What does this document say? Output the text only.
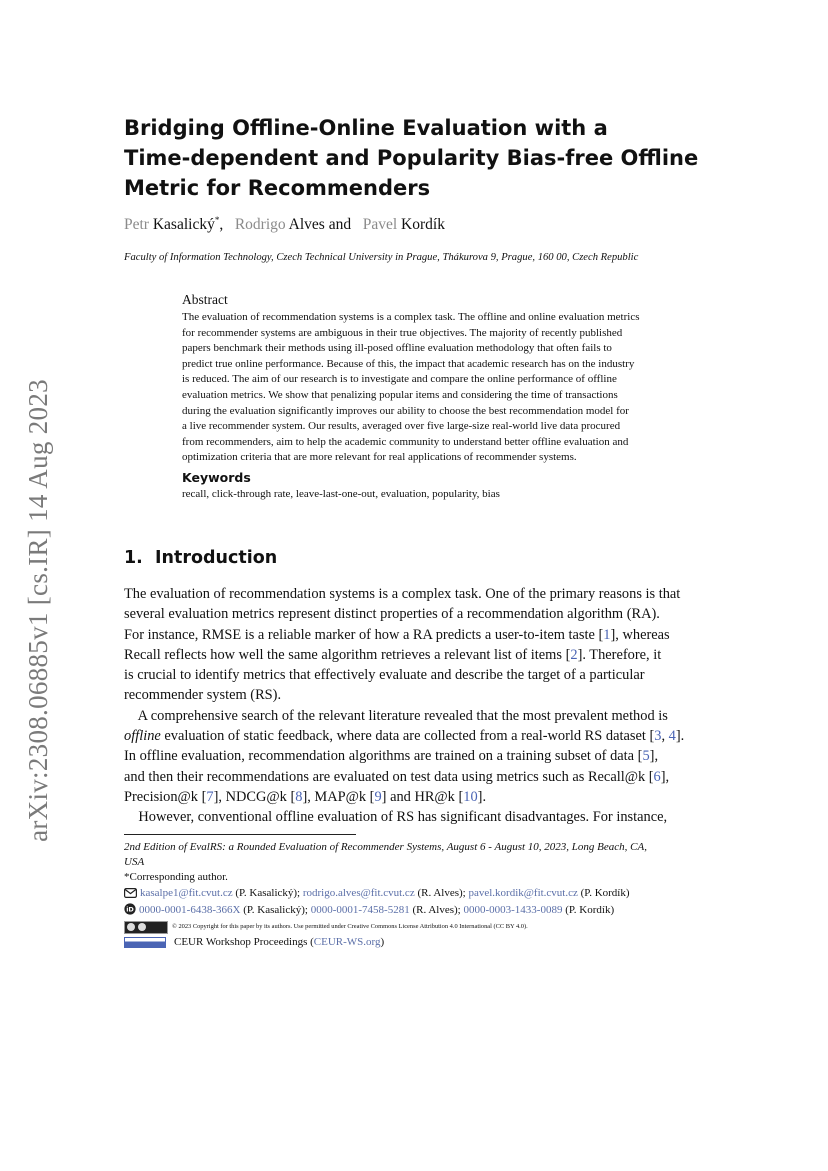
arXiv:2308.06885v1 [cs.IR] 14 Aug 2023
Bridging Offline-Online Evaluation with a
Time-dependent and Popularity Bias-free Offline
Metric for Recommenders
Petr Kasalický*,   Rodrigo Alves and   Pavel Kordík
Faculty of Information Technology, Czech Technical University in Prague, Thákurova 9, Prague, 160 00, Czech Republic
Abstract
The evaluation of recommendation systems is a complex task. The offline and online evaluation metrics
for recommender systems are ambiguous in their true objectives. The majority of recently published
papers benchmark their methods using ill-posed offline evaluation methodology that often fails to
predict true online performance. Because of this, the impact that academic research has on the industry
is reduced. The aim of our research is to investigate and compare the online performance of offline
evaluation metrics. We show that penalizing popular items and considering the time of transactions
during the evaluation significantly improves our ability to choose the best recommendation model for
a live recommender system. Our results, averaged over five large-size real-world live data procured
from recommenders, aim to help the academic community to understand better offline evaluation and
optimization criteria that are more relevant for real applications of recommender systems.
Keywords
recall, click-through rate, leave-last-one-out, evaluation, popularity, bias
1. Introduction
The evaluation of recommendation systems is a complex task. One of the primary reasons is that
several evaluation metrics represent distinct properties of a recommendation algorithm (RA).
For instance, RMSE is a reliable marker of how a RA predicts a user-to-item taste [1], whereas
Recall reflects how well the same algorithm retrieves a relevant list of items [2]. Therefore, it
is crucial to identify metrics that effectively evaluate and describe the target of a particular
recommender system (RS).
A comprehensive search of the relevant literature revealed that the most prevalent method is
offline evaluation of static feedback, where data are collected from a real-world RS dataset [3, 4].
In offline evaluation, recommendation algorithms are trained on a training subset of data [5],
and then their recommendations are evaluated on test data using metrics such as Recall@k [6],
Precision@k [7], NDCG@k [8], MAP@k [9] and HR@k [10].
However, conventional offline evaluation of RS has significant disadvantages. For instance,
2nd Edition of EvalRS: a Rounded Evaluation of Recommender Systems, August 6 - August 10, 2023, Long Beach, CA,
USA
*Corresponding author.
kasalpe1@fit.cvut.cz (P. Kasalický); rodrigo.alves@fit.cvut.cz (R. Alves); pavel.kordik@fit.cvut.cz (P. Kordík)
iD 0000-0001-6438-366X (P. Kasalický); 0000-0001-7458-5281 (R. Alves); 0000-0003-1433-0089 (P. Kordík)
© 2023 Copyright for this paper by its authors. Use permitted under Creative Commons License Attribution 4.0 International (CC BY 4.0).
CEUR Workshop Proceedings ( CEUR-WS.org )
